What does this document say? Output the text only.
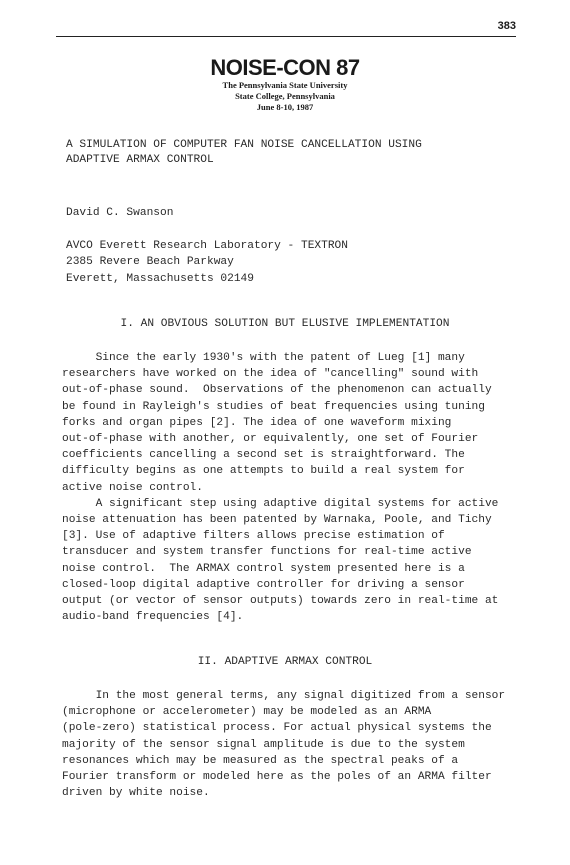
383
NOISE-CON 87
The Pennsylvania State University
State College, Pennsylvania
June 8-10, 1987
A SIMULATION OF COMPUTER FAN NOISE CANCELLATION USING
ADAPTIVE ARMAX CONTROL
David C. Swanson
AVCO Everett Research Laboratory - TEXTRON
2385 Revere Beach Parkway
Everett, Massachusetts 02149
I. AN OBVIOUS SOLUTION BUT ELUSIVE IMPLEMENTATION
Since the early 1930's with the patent of Lueg [1] many
researchers have worked on the idea of "cancelling" sound with
out-of-phase sound.  Observations of the phenomenon can actually
be found in Rayleigh's studies of beat frequencies using tuning
forks and organ pipes [2]. The idea of one waveform mixing
out-of-phase with another, or equivalently, one set of Fourier
coefficients cancelling a second set is straightforward. The
difficulty begins as one attempts to build a real system for
active noise control.
A significant step using adaptive digital systems for active
noise attenuation has been patented by Warnaka, Poole, and Tichy
[3]. Use of adaptive filters allows precise estimation of
transducer and system transfer functions for real-time active
noise control.  The ARMAX control system presented here is a
closed-loop digital adaptive controller for driving a sensor
output (or vector of sensor outputs) towards zero in real-time at
audio-band frequencies [4].
II. ADAPTIVE ARMAX CONTROL
In the most general terms, any signal digitized from a sensor
(microphone or accelerometer) may be modeled as an ARMA
(pole-zero) statistical process. For actual physical systems the
majority of the sensor signal amplitude is due to the system
resonances which may be measured as the spectral peaks of a
Fourier transform or modeled here as the poles of an ARMA filter
driven by white noise.
